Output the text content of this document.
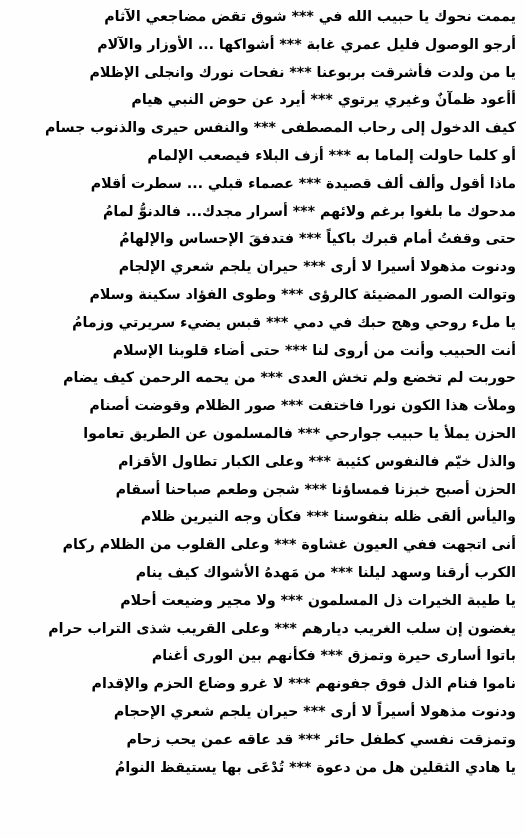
يممت نحوك يا حبيب الله في *** شوق تقض مضاجعي الآثام
أرجو الوصول فليل عمري غابة *** أشواكها ... الأوزار والآلام
يا من ولدت فأشرقت بربوعنا *** نفحات نورك وانجلى الإظلام
أأعود ظمآنٌ وغيري يرتوي *** أيرد عن حوض النبي هيام
كيف الدخول إلى رحاب المصطفى *** والنفس حيرى والذنوب جسام
أو كلما حاولت إلماما به *** أزف البلاء فيصعب الإلمام
ماذا أقول وألف ألف قصيدة *** عصماء قبلي ... سطرت أقلام
مدحوك ما بلغوا برغم ولائهم *** أسرار مجدك... فالدنوُّ لمامُ
حتى وقفتُ أمام قبرك باكياً *** فتدفقَ الإحساس والإلهامُ
ودنوت مذهولا أسيرا لا أرى *** حيران يلجم شعري الإلجام
وتوالت الصور المضيئة كالرؤى *** وطوى الفؤاد سكينة وسلام
يا ملء روحي وهج حبك في دمي *** قبس يضيء سريرتي وزمامُ
أنت الحبيب وأنت من أروى لنا *** حتى أضاء قلوبنا الإسلام
حوربت لم تخضع ولم تخش العدى *** من يحمه الرحمن كيف يضام
وملأت هذا الكون نورا فاختفت *** صور الظلام وقوضت أصنام
الحزن يملأ يا حبيب جوارحي *** فالمسلمون عن الطريق تعاموا
والذل خيّم فالنفوس كئيبة *** وعلى الكبار تطاول الأقزام
الحزن أصبح خبزنا فمساؤنا *** شجن وطعم صباحنا أسقام
واليأس ألقى ظله بنفوسنا *** فكأن وجه النيرين ظلام
أنى اتجهت ففي العيون غشاوة *** وعلى القلوب من الظلام ركام
الكرب أرقنا وسهد ليلنا *** من مَهدهُ الأشواك كيف ينام
يا طيبة الخيرات ذل المسلمون *** ولا مجير وضيعت أحلام
يغضون إن سلب الغريب ديارهم *** وعلى القريب شذى التراب حرام
باتوا أسارى حيرة وتمزق *** فكأنهم بين الورى أغنام
ناموا فنام الذل فوق جفونهم *** لا غرو وضاع الحزم والإقدام
ودنوت مذهولا أسيراً لا أرى *** حيران يلجم شعري الإحجام
وتمزقت نفسي كطفل حائر *** قد عاقه عمن يحب زحام
يا هادي الثقلين هل من دعوة *** تُدْعَى بها يستيقظ النوامُ
